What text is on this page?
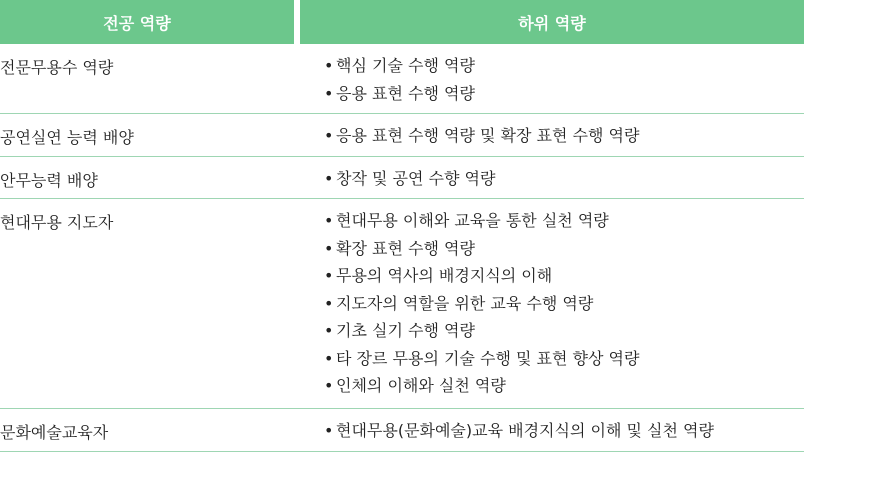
전공 역량	하위 역량
전문무용수 역량	• 핵심 기술 수행 역량
• 응용 표현 수행 역량
공연실연 능력 배양	• 응용 표현 수행 역량 및 확장 표현 수행 역량
안무능력 배양	• 창작 및 공연 수향 역량
현대무용 지도자	• 현대무용 이해와 교육을 통한 실천 역량
• 확장 표현 수행 역량
• 무용의 역사의 배경지식의 이해
• 지도자의 역할을 위한 교육 수행 역량
• 기초 실기 수행 역량
• 타 장르 무용의 기술 수행 및 표현 향상 역량
• 인체의 이해와 실천 역량
문화예술교육자	• 현대무용(문화예술)교육 배경지식의 이해 및 실천 역량
